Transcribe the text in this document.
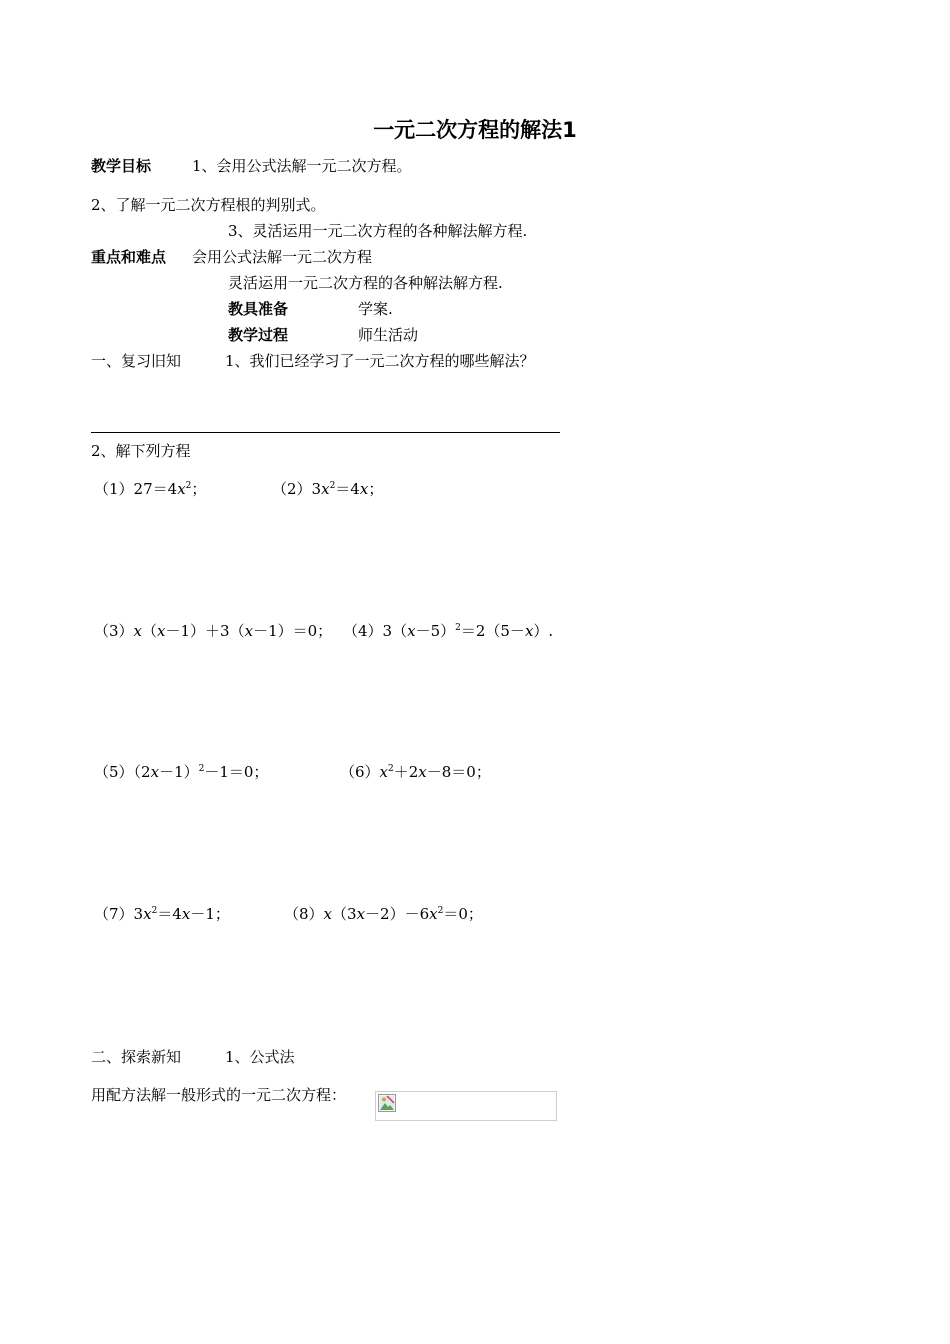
一元二次方程的解法1
教学目标	1、会用公式法解一元二次方程。
2、了解一元二次方程根的判别式。
3、灵活运用一元二次方程的各种解法解方程.
重点和难点 会用公式法解一元二次方程
灵活运用一元二次方程的各种解法解方程.
教具准备	学案.
教学过程	师生活动
一、复习旧知	1、我们已经学习了一元二次方程的哪些解法？
2、解下列方程
$(1)27=4x^2$；	$(2)3x^2=4x$；
（3）x（x－1）＋3（x－1）＝0； $(4)3(x-5)^2=2(5-x)$.
$(5)(2x-1)^2-1=0$；	$(6)x^2+2x-8=0$；
$(7)3x^2=4x-1$；	$(8)x(3x-2)-6x^2=0$；
二、探索新知	1、公式法
用配方法解一般形式的一元二次方程：
